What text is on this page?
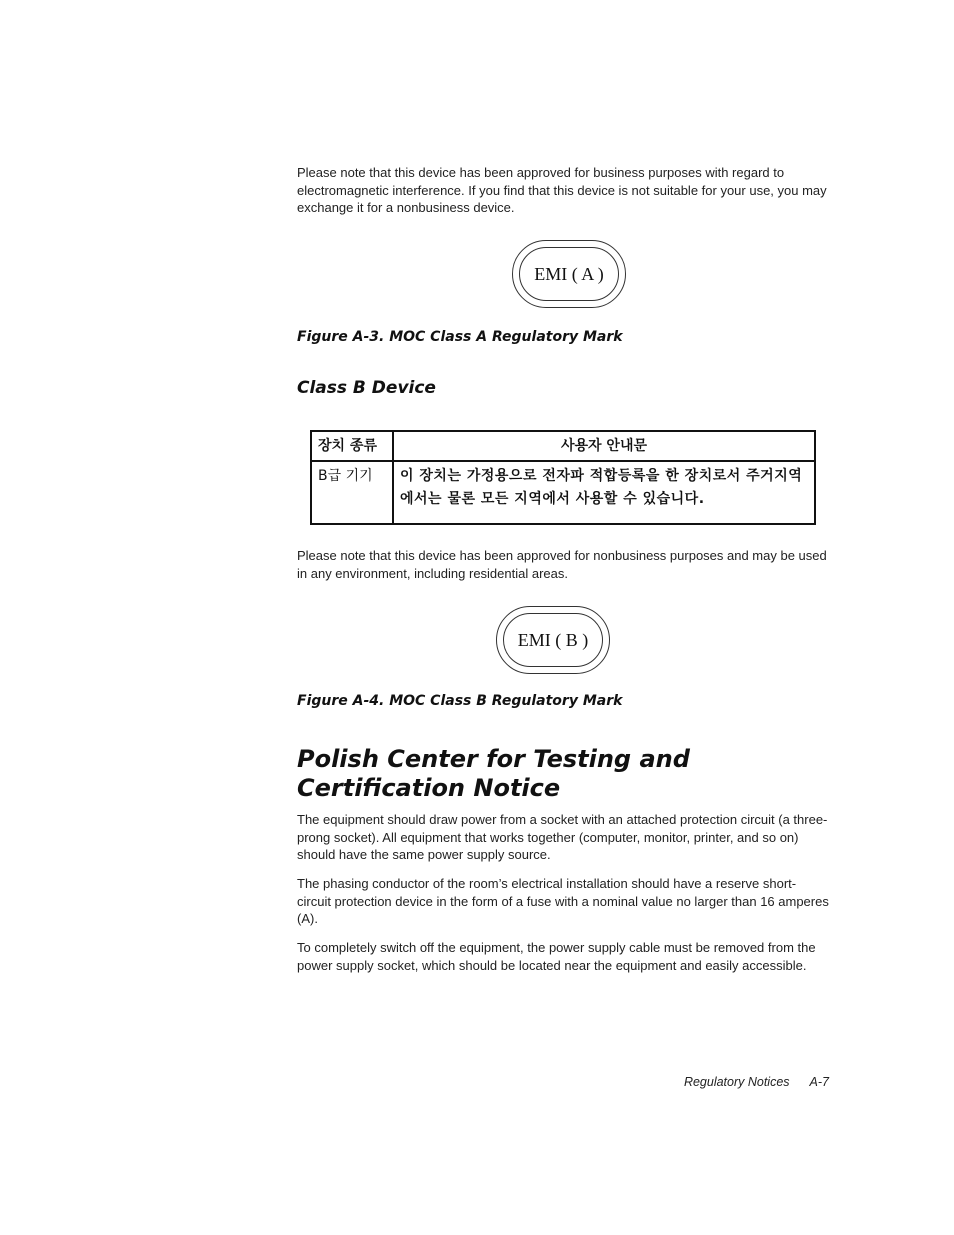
Please note that this device has been approved for business purposes with regard to electromagnetic interference. If you find that this device is not suitable for your use, you may exchange it for a nonbusiness device.

EMI ( A )

Figure A-3. MOC Class A Regulatory Mark

Class B Device
장치 종류	사용자 안내문
B급 기기	이 장치는 가정용으로 전자파 적합등록을 한 장치로서 주거지역에서는 물론 모든 지역에서 사용할 수 있습니다.

Please note that this device has been approved for nonbusiness purposes and may be used in any environment, including residential areas.

EMI ( B )

Figure A-4. MOC Class B Regulatory Mark

Polish Center for Testing and Certification Notice

The equipment should draw power from a socket with an attached protection circuit (a three-prong socket). All equipment that works together (computer, monitor, printer, and so on) should have the same power supply source.

The phasing conductor of the room’s electrical installation should have a reserve short-circuit protection device in the form of a fuse with a nominal value no larger than 16 amperes (A).

To completely switch off the equipment, the power supply cable must be removed from the power supply socket, which should be located near the equipment and easily accessible.

Regulatory Notices A-7
